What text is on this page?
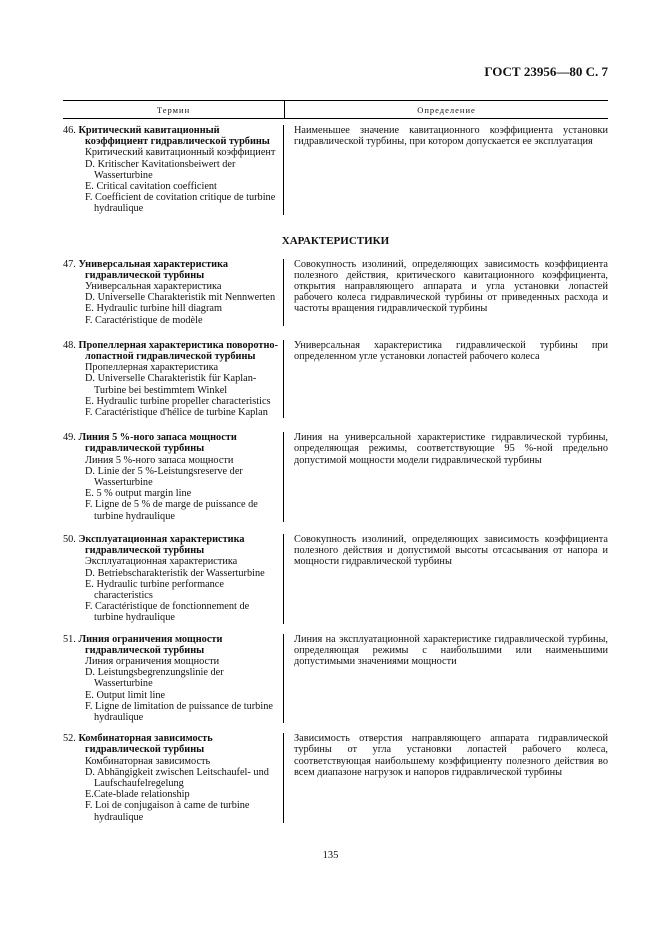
ГОСТ 23956—80 С. 7
Термин	Определение
46. Критический кавитационный коэффициент гидравлической турбины
Критический кавитационный коэффициент
D. Kritischer Kavitationsbeiwert der Wasserturbine
E. Critical cavitation coefficient
F. Coefficient de covitation critique de turbine hydraulique
Наименьшее значение кавитационного коэффициента установки гидравлической турбины, при котором допускается ее эксплуатация
ХАРАКТЕРИСТИКИ
47. Универсальная характеристика гидравлической турбины
Универсальная характеристика
D. Universelle Charakteristik mit Nennwerten
E. Hydraulic turbine hill diagram
F. Caractéristique de modèle
Совокупность изолиний, определяющих зависимость коэффициента полезного действия, критического кавитационного коэффициента, открытия направляющего аппарата и угла установки лопастей рабочего колеса гидравлической турбины от приведенных расхода и частоты вращения гидравлической турбины
48. Пропеллерная характеристика поворотно-лопастной гидравлической турбины
Пропеллерная характеристика
D. Universelle Charakteristik für Kaplan-Turbine bei bestimmtem Winkel
E. Hydraulic turbine propeller characteristics
F. Caractéristique d'hélice de turbine Kaplan
Универсальная характеристика гидравлической турбины при определенном угле установки лопастей рабочего колеса
49. Линия 5 %-ного запаса мощности гидравлической турбины
Линия 5 %-ного запаса мощности
D. Linie der 5 %-Leistungsreserve der Wasserturbine
E. 5 % output margin line
F. Ligne de 5 % de marge de puissance de turbine hydraulique
Линия на универсальной характеристике гидравлической турбины, определяющая режимы, соответствующие 95 %-ной предельно допустимой мощности модели гидравлической турбины
50. Эксплуатационная характеристика гидравлической турбины
Эксплуатационная характеристика
D. Betriebscharakteristik der Wasserturbine
E. Hydraulic turbine performance characteristics
F. Caractéristique de fonctionnement de turbine hydraulique
Совокупность изолиний, определяющих зависимость коэффициента полезного действия и допустимой высоты отсасывания от напора и мощности гидравлической турбины
51. Линия ограничения мощности гидравлической турбины
Линия ограничения мощности
D. Leistungsbegrenzungslinie der Wasserturbine
E. Output limit line
F. Ligne de limitation de puissance de turbine hydraulique
Линия на эксплуатационной характеристике гидравлической турбины, определяющая режимы с наибольшими или наименьшими допустимыми значениями мощности
52. Комбинаторная зависимость гидравлической турбины
Комбинаторная зависимость
D. Abhängigkeit zwischen Leitschaufel- und Laufschaufelregelung
E.Cate-blade relationship
F. Loi de conjugaison à came de turbine hydraulique
Зависимость отверстия направляющего аппарата гидравлической турбины от угла установки лопастей рабочего колеса, соответствующая наибольшему коэффициенту полезного действия во всем диапазоне нагрузок и напоров гидравлической турбины
135
